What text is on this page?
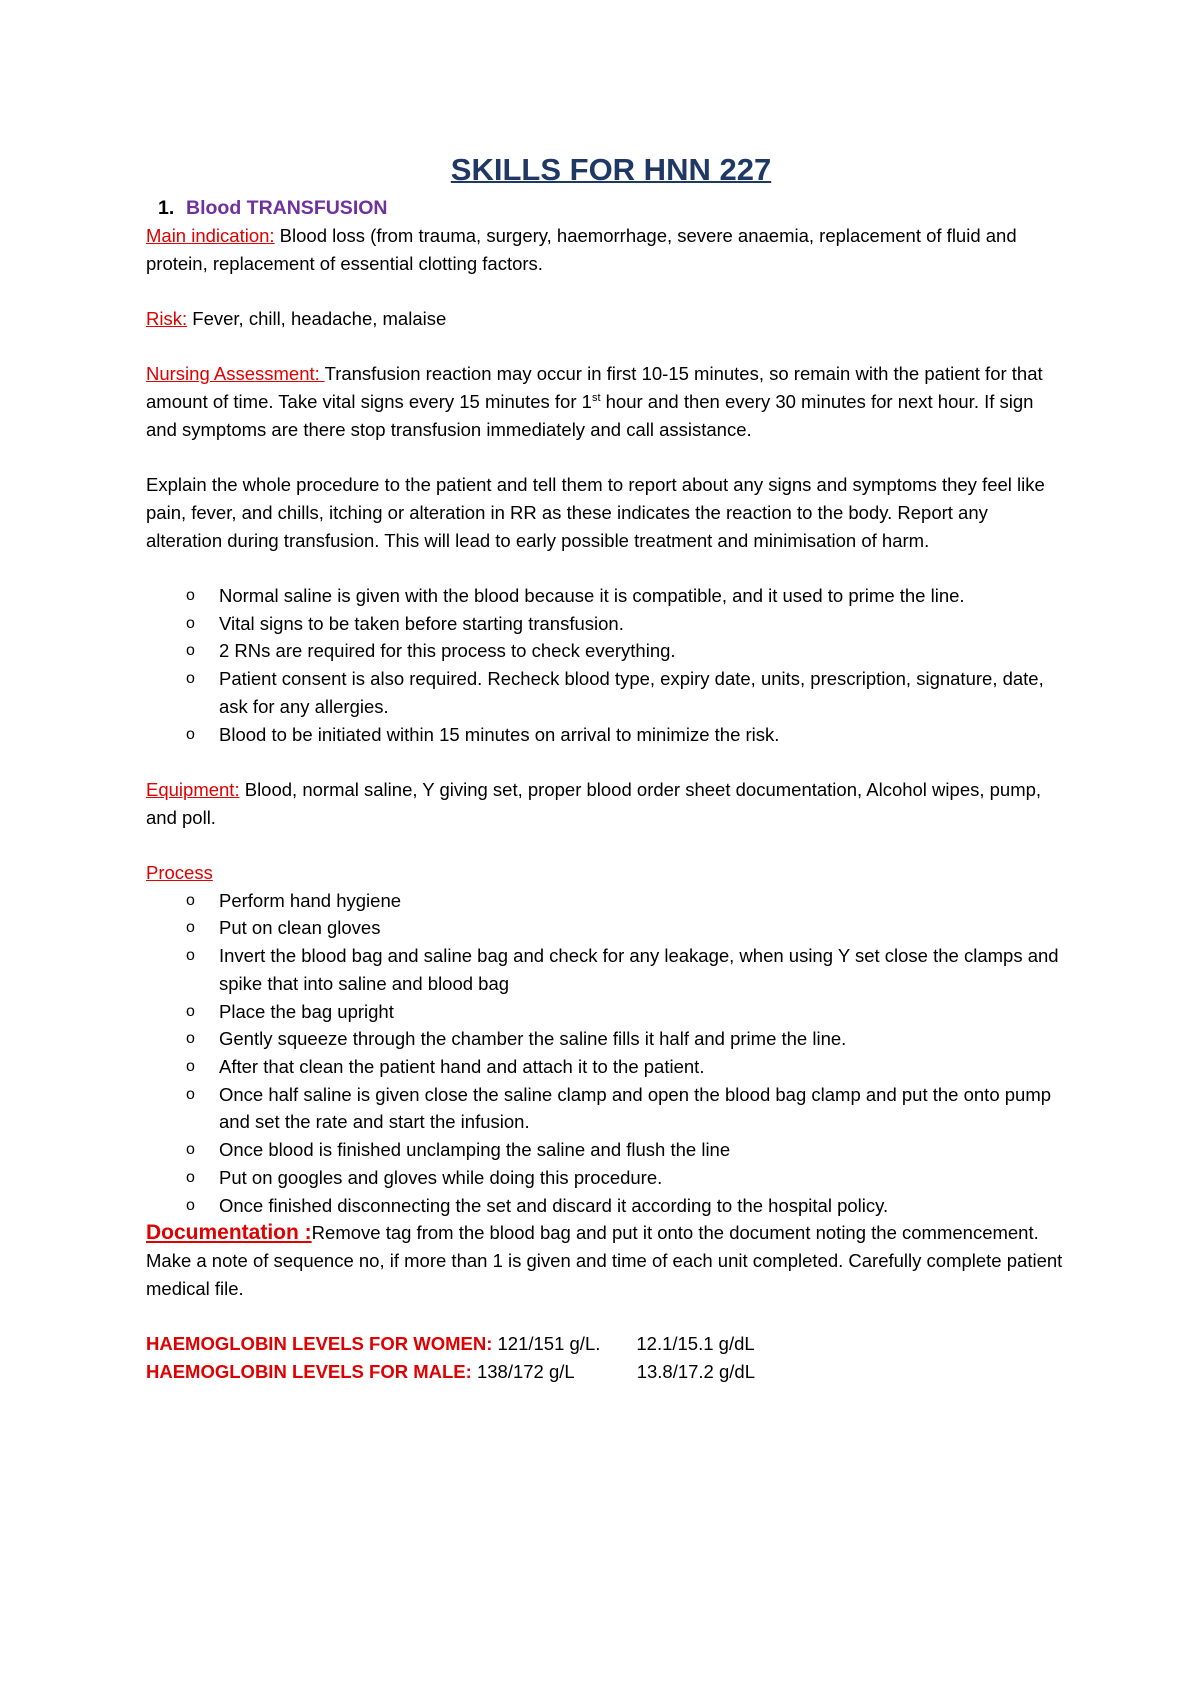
SKILLS FOR HNN 227
1. Blood TRANSFUSION

Main indication: Blood loss (from trauma, surgery, haemorrhage, severe anaemia, replacement of fluid and protein, replacement of essential clotting factors.

Risk: Fever, chill, headache, malaise

Nursing Assessment: Transfusion reaction may occur in first 10-15 minutes, so remain with the patient for that amount of time. Take vital signs every 15 minutes for 1st hour and then every 30 minutes for next hour. If sign and symptoms are there stop transfusion immediately and call assistance.

Explain the whole procedure to the patient and tell them to report about any signs and symptoms they feel like pain, fever, and chills, itching or alteration in RR as these indicates the reaction to the body. Report any alteration during transfusion. This will lead to early possible treatment and minimisation of harm.

o Normal saline is given with the blood because it is compatible, and it used to prime the line.
o Vital signs to be taken before starting transfusion.
o 2 RNs are required for this process to check everything.
o Patient consent is also required. Recheck blood type, expiry date, units, prescription, signature, date, ask for any allergies.
o Blood to be initiated within 15 minutes on arrival to minimize the risk.

Equipment: Blood, normal saline, Y giving set, proper blood order sheet documentation, Alcohol wipes, pump, and poll.

Process

o Perform hand hygiene
o Put on clean gloves
o Invert the blood bag and saline bag and check for any leakage, when using Y set close the clamps and spike that into saline and blood bag
o Place the bag upright
o Gently squeeze through the chamber the saline fills it half and prime the line.
o After that clean the patient hand and attach it to the patient.
o Once half saline is given close the saline clamp and open the blood bag clamp and put the onto pump and set the rate and start the infusion.
o Once blood is finished unclamping the saline and flush the line
o Put on googles and gloves while doing this procedure.
o Once finished disconnecting the set and discard it according to the hospital policy.

Documentation :Remove tag from the blood bag and put it onto the document noting the commencement. Make a note of sequence no, if more than 1 is given and time of each unit completed. Carefully complete patient medical file.

HAEMOGLOBIN LEVELS FOR WOMEN: 121/151 g/L. 12.1/15.1 g/dL

HAEMOGLOBIN LEVELS FOR MALE: 138/172 g/L	13.8/17.2 g/dL
